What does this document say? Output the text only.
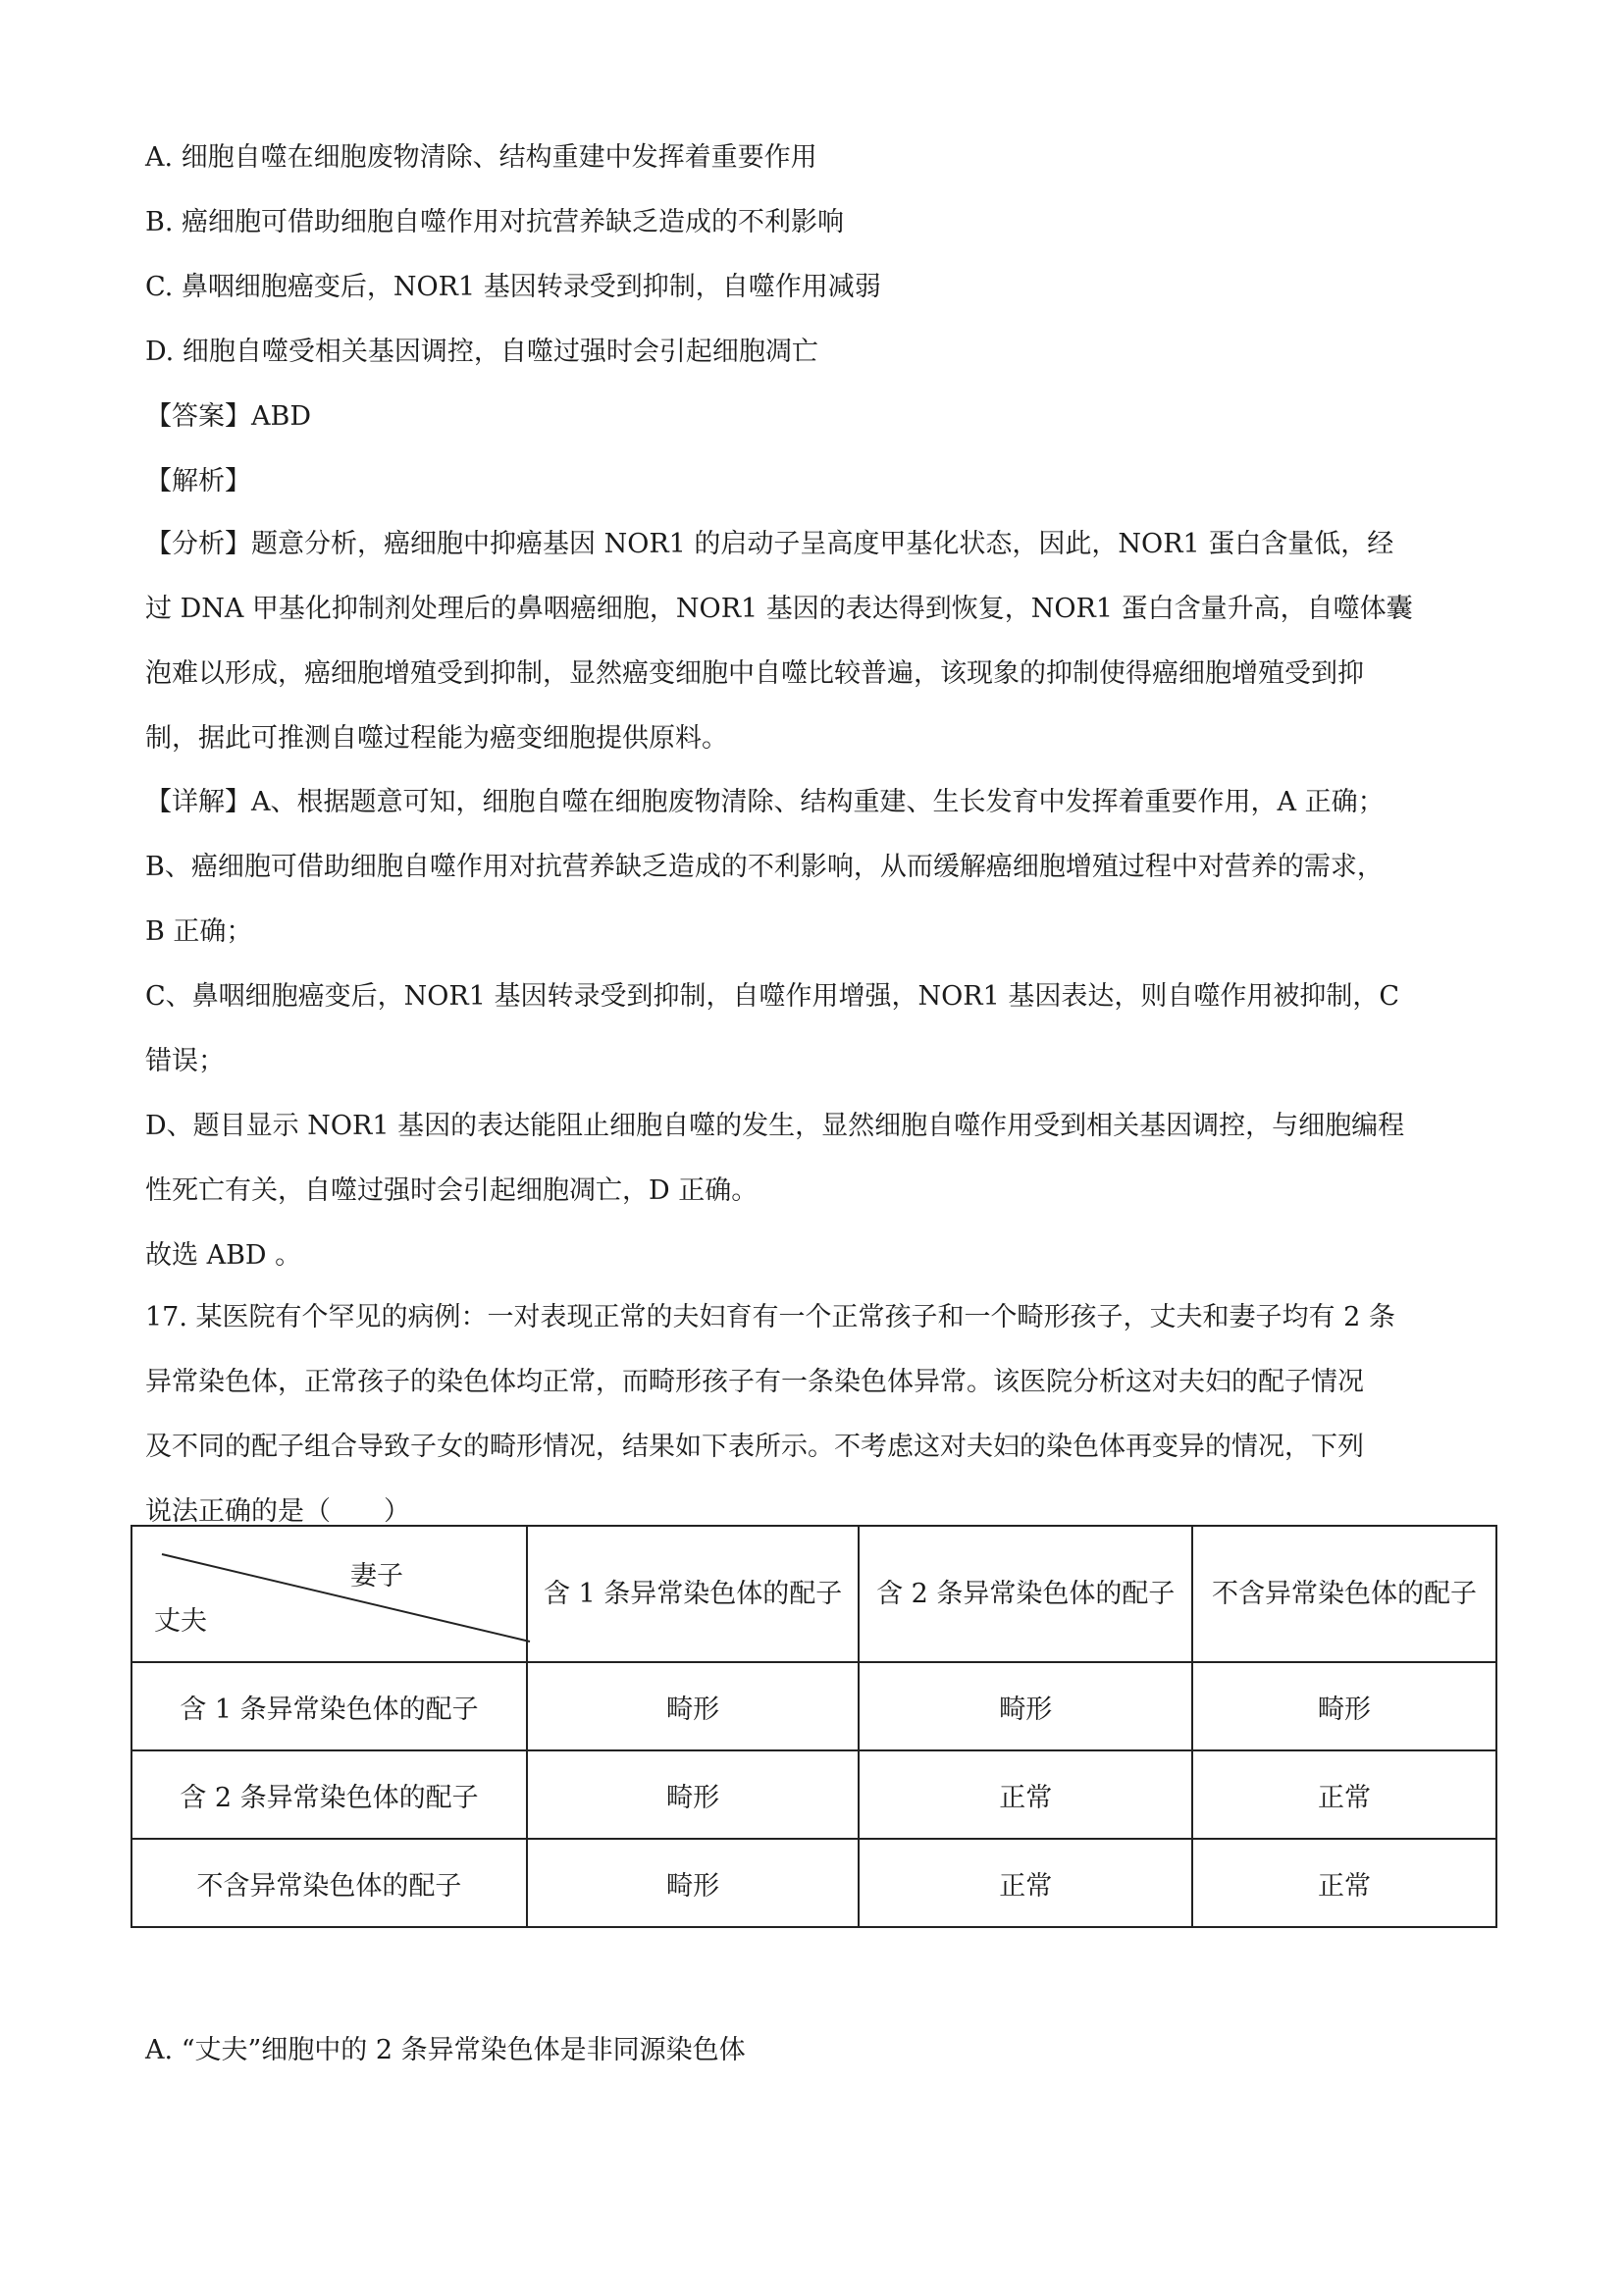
A. 细胞自噬在细胞废物清除、结构重建中发挥着重要作用
B. 癌细胞可借助细胞自噬作用对抗营养缺乏造成的不利影响
C. 鼻咽细胞癌变后，NOR1 基因转录受到抑制，自噬作用减弱
D. 细胞自噬受相关基因调控，自噬过强时会引起细胞凋亡
【答案】ABD
【解析】
【分析】题意分析，癌细胞中抑癌基因 NOR1 的启动子呈高度甲基化状态，因此，NOR1 蛋白含量低，经
过 DNA 甲基化抑制剂处理后的鼻咽癌细胞，NOR1 基因的表达得到恢复，NOR1 蛋白含量升高，自噬体囊
泡难以形成，癌细胞增殖受到抑制，显然癌变细胞中自噬比较普遍，该现象的抑制使得癌细胞增殖受到抑
制，据此可推测自噬过程能为癌变细胞提供原料。
【详解】A、根据题意可知，细胞自噬在细胞废物清除、结构重建、生长发育中发挥着重要作用，A 正确；
B、癌细胞可借助细胞自噬作用对抗营养缺乏造成的不利影响，从而缓解癌细胞增殖过程中对营养的需求，
B 正确；
C、鼻咽细胞癌变后，NOR1 基因转录受到抑制，自噬作用增强，NOR1 基因表达，则自噬作用被抑制，C
错误；
D、题目显示 NOR1 基因的表达能阻止细胞自噬的发生，显然细胞自噬作用受到相关基因调控，与细胞编程
性死亡有关，自噬过强时会引起细胞凋亡，D 正确。
故选 ABD 。
17. 某医院有个罕见的病例：一对表现正常的夫妇育有一个正常孩子和一个畸形孩子，丈夫和妻子均有 2 条
异常染色体，正常孩子的染色体均正常，而畸形孩子有一条染色体异常。该医院分析这对夫妇的配子情况
及不同的配子组合导致子女的畸形情况，结果如下表所示。不考虑这对夫妇的染色体再变异的情况，下列
说法正确的是（　　）
妻子
丈夫	含 1 条异常染色体的配子	含 2 条异常染色体的配子	不含异常染色体的配子
含 1 条异常染色体的配子	畸形	畸形	畸形
含 2 条异常染色体的配子	畸形	正常	正常
不含异常染色体的配子	畸形	正常	正常
A. “丈夫”细胞中的 2 条异常染色体是非同源染色体
